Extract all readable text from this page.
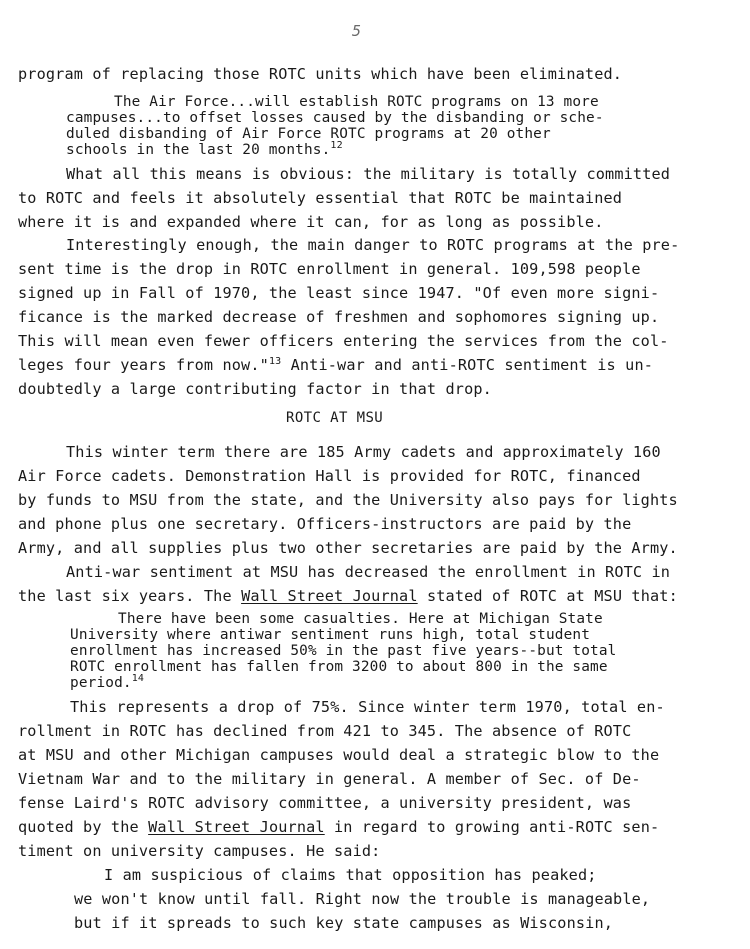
5
program of replacing those ROTC units which have been eliminated.
The Air Force...will establish ROTC programs on 13 more
campuses...to offset losses caused by the disbanding or sche-
duled disbanding of Air Force ROTC programs at 20 other
schools in the last 20 months.$^{12}$
What all this means is obvious: the military is totally committed
to ROTC and feels it absolutely essential that ROTC be maintained
where it is and expanded where it can, for as long as possible.
Interestingly enough, the main danger to ROTC programs at the pre-
sent time is the drop in ROTC enrollment in general. 109,598 people
signed up in Fall of 1970, the least since 1947. "Of even more signi-
ficance is the marked decrease of freshmen and sophomores signing up.
This will mean even fewer officers entering the services from the col-
leges four years from now."$^{13}$ Anti-war and anti-ROTC sentiment is un-
doubtedly a large contributing factor in that drop.
ROTC AT MSU
This winter term there are 185 Army cadets and approximately 160
Air Force cadets. Demonstration Hall is provided for ROTC, financed
by funds to MSU from the state, and the University also pays for lights
and phone plus one secretary. Officers-instructors are paid by the
Army, and all supplies plus two other secretaries are paid by the Army.
Anti-war sentiment at MSU has decreased the enrollment in ROTC in
the last six years. The Wall Street Journal stated of ROTC at MSU that:
There have been some casualties. Here at Michigan State
University where antiwar sentiment runs high, total student
enrollment has increased 50% in the past five years--but total
ROTC enrollment has fallen from 3200 to about 800 in the same
period.$^{14}$
This represents a drop of 75%. Since winter term 1970, total en-
rollment in ROTC has declined from 421 to 345. The absence of ROTC
at MSU and other Michigan campuses would deal a strategic blow to the
Vietnam War and to the military in general. A member of Sec. of De-
fense Laird's ROTC advisory committee, a university president, was
quoted by the Wall Street Journal in regard to growing anti-ROTC sen-
timent on university campuses. He said:
I am suspicious of claims that opposition has peaked;
we won't know until fall. Right now the trouble is manageable,
but if it spreads to such key state campuses as Wisconsin,
